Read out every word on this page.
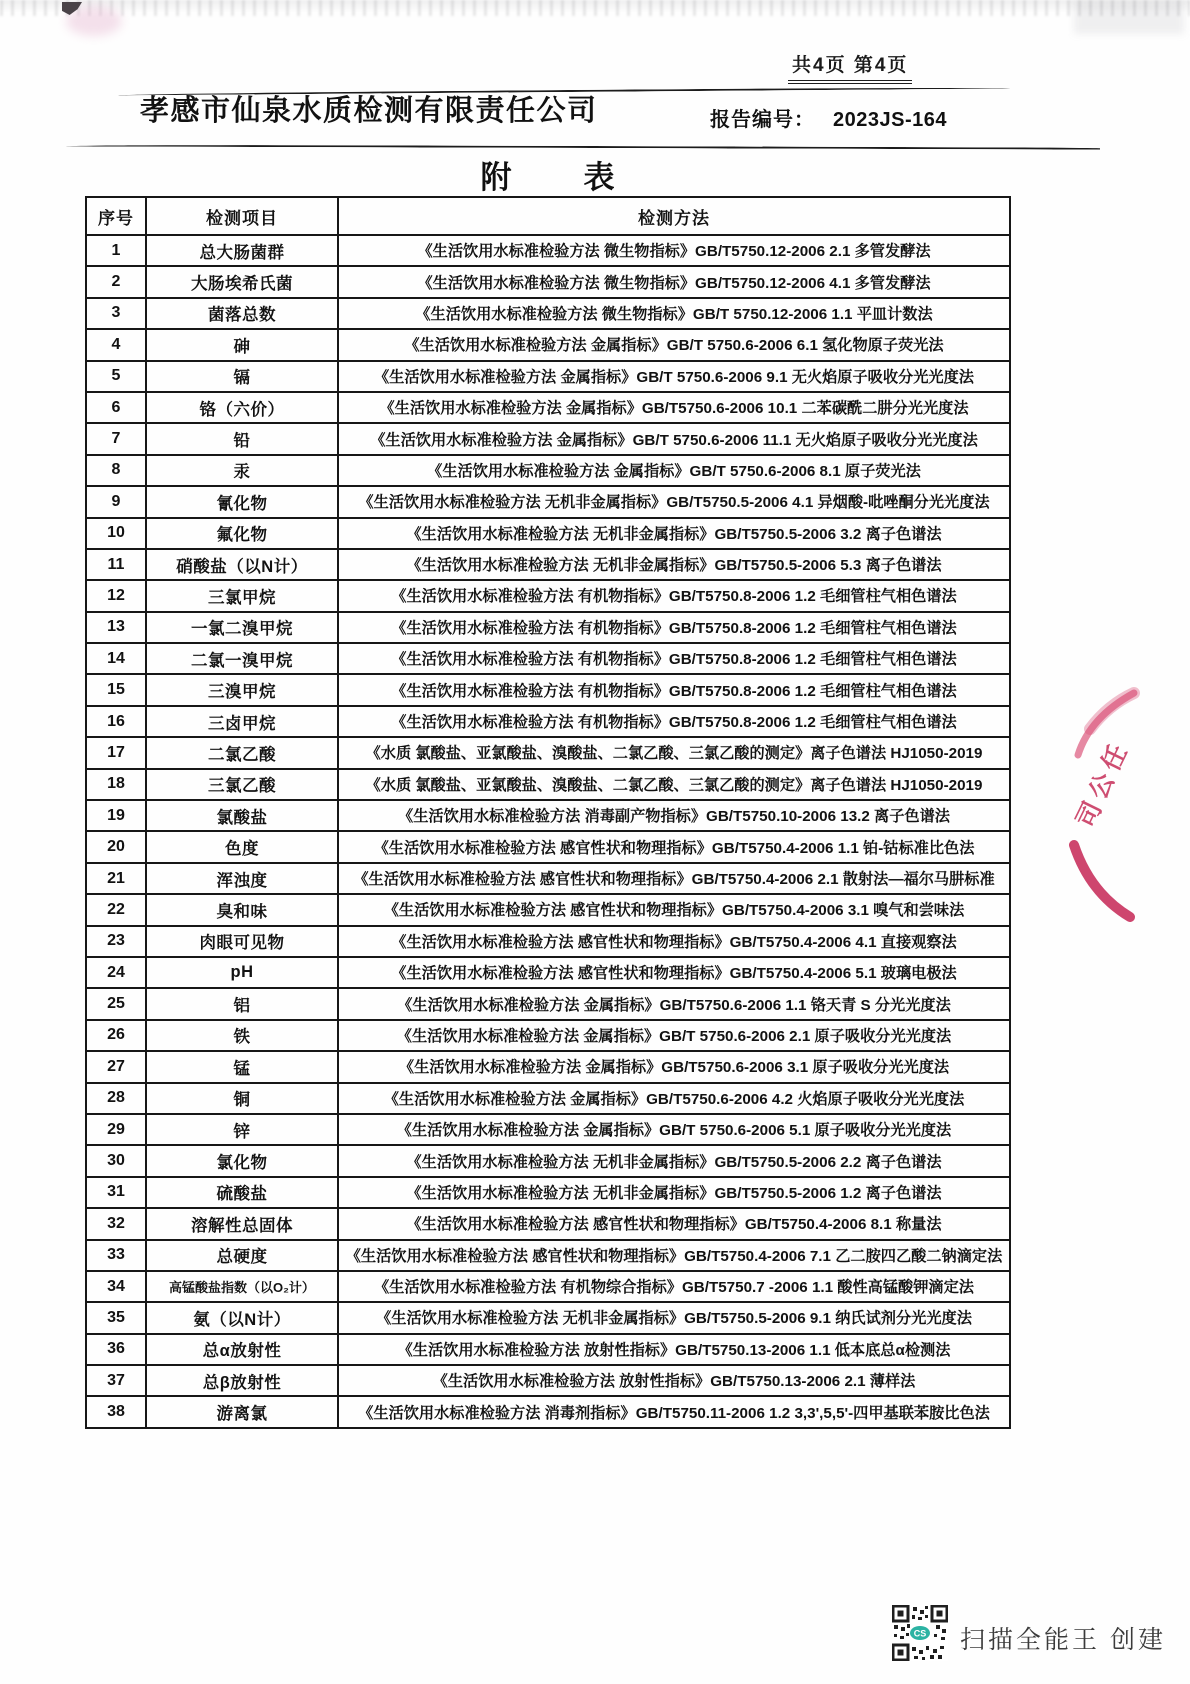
共4页 第4页
孝感市仙泉水质检测有限责任公司	报告编号： 2023JS-164
附 表
序号	检测项目	检测方法
1	总大肠菌群	《生活饮用水标准检验方法 微生物指标》GB/T5750.12-2006 2.1 多管发酵法
2	大肠埃希氏菌	《生活饮用水标准检验方法 微生物指标》GB/T5750.12-2006 4.1 多管发酵法
3	菌落总数	《生活饮用水标准检验方法 微生物指标》GB/T 5750.12-2006 1.1 平皿计数法
4	砷	《生活饮用水标准检验方法 金属指标》GB/T 5750.6-2006 6.1 氢化物原子荧光法
5	镉	《生活饮用水标准检验方法 金属指标》GB/T 5750.6-2006 9.1 无火焰原子吸收分光光度法
6	铬（六价）	《生活饮用水标准检验方法 金属指标》GB/T5750.6-2006 10.1 二苯碳酰二肼分光光度法
7	铅	《生活饮用水标准检验方法 金属指标》GB/T 5750.6-2006 11.1 无火焰原子吸收分光光度法
8	汞	《生活饮用水标准检验方法 金属指标》GB/T 5750.6-2006 8.1 原子荧光法
9	氰化物	《生活饮用水标准检验方法 无机非金属指标》GB/T5750.5-2006 4.1 异烟酸-吡唑酮分光光度法
10	氟化物	《生活饮用水标准检验方法 无机非金属指标》GB/T5750.5-2006 3.2 离子色谱法
11	硝酸盐（以N计）	《生活饮用水标准检验方法 无机非金属指标》GB/T5750.5-2006 5.3 离子色谱法
12	三氯甲烷	《生活饮用水标准检验方法 有机物指标》GB/T5750.8-2006 1.2 毛细管柱气相色谱法
13	一氯二溴甲烷	《生活饮用水标准检验方法 有机物指标》GB/T5750.8-2006 1.2 毛细管柱气相色谱法
14	二氯一溴甲烷	《生活饮用水标准检验方法 有机物指标》GB/T5750.8-2006 1.2 毛细管柱气相色谱法
15	三溴甲烷	《生活饮用水标准检验方法 有机物指标》GB/T5750.8-2006 1.2 毛细管柱气相色谱法
16	三卤甲烷	《生活饮用水标准检验方法 有机物指标》GB/T5750.8-2006 1.2 毛细管柱气相色谱法
17	二氯乙酸	《水质 氯酸盐、亚氯酸盐、溴酸盐、二氯乙酸、三氯乙酸的测定》离子色谱法 HJ1050-2019
18	三氯乙酸	《水质 氯酸盐、亚氯酸盐、溴酸盐、二氯乙酸、三氯乙酸的测定》离子色谱法 HJ1050-2019
19	氯酸盐	《生活饮用水标准检验方法 消毒副产物指标》GB/T5750.10-2006 13.2 离子色谱法
20	色度	《生活饮用水标准检验方法 感官性状和物理指标》GB/T5750.4-2006 1.1 铂-钴标准比色法
21	浑浊度	《生活饮用水标准检验方法 感官性状和物理指标》GB/T5750.4-2006 2.1 散射法—福尔马肼标准
22	臭和味	《生活饮用水标准检验方法 感官性状和物理指标》GB/T5750.4-2006 3.1 嗅气和尝味法
23	肉眼可见物	《生活饮用水标准检验方法 感官性状和物理指标》GB/T5750.4-2006 4.1 直接观察法
24	pH	《生活饮用水标准检验方法 感官性状和物理指标》GB/T5750.4-2006 5.1 玻璃电极法
25	铝	《生活饮用水标准检验方法 金属指标》GB/T5750.6-2006 1.1 铬天青 S 分光光度法
26	铁	《生活饮用水标准检验方法 金属指标》GB/T 5750.6-2006 2.1 原子吸收分光光度法
27	锰	《生活饮用水标准检验方法 金属指标》GB/T5750.6-2006 3.1 原子吸收分光光度法
28	铜	《生活饮用水标准检验方法 金属指标》GB/T5750.6-2006 4.2 火焰原子吸收分光光度法
29	锌	《生活饮用水标准检验方法 金属指标》GB/T 5750.6-2006 5.1 原子吸收分光光度法
30	氯化物	《生活饮用水标准检验方法 无机非金属指标》GB/T5750.5-2006 2.2 离子色谱法
31	硫酸盐	《生活饮用水标准检验方法 无机非金属指标》GB/T5750.5-2006 1.2 离子色谱法
32	溶解性总固体	《生活饮用水标准检验方法 感官性状和物理指标》GB/T5750.4-2006 8.1 称量法
33	总硬度	《生活饮用水标准检验方法 感官性状和物理指标》GB/T5750.4-2006 7.1 乙二胺四乙酸二钠滴定法
34	高锰酸盐指数（以O₂计）	《生活饮用水标准检验方法 有机物综合指标》GB/T5750.7 -2006 1.1 酸性高锰酸钾滴定法
35	氨（以N计）	《生活饮用水标准检验方法 无机非金属指标》GB/T5750.5-2006 9.1 纳氏试剂分光光度法
36	总α放射性	《生活饮用水标准检验方法 放射性指标》GB/T5750.13-2006 1.1 低本底总α检测法
37	总β放射性	《生活饮用水标准检验方法 放射性指标》GB/T5750.13-2006 2.1 薄样法
38	游离氯	《生活饮用水标准检验方法 消毒剂指标》GB/T5750.11-2006 1.2 3,3',5,5'-四甲基联苯胺比色法
任
公
司
CS 扫描全能王 创建
